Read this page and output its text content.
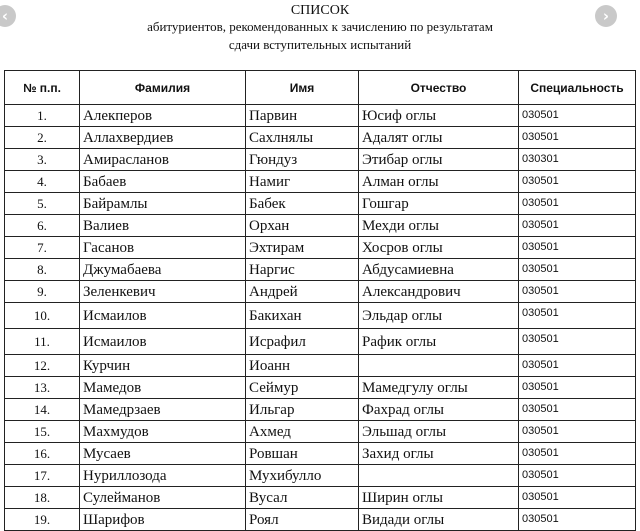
СПИСОК
абитуриентов, рекомендованных к зачислению по результатам
сдачи вступительных испытаний
‹	›
№ п.п.	Фамилия	Имя	Отчество	Специальность
1.	Алекперов	Парвин	Юсиф оглы	030501
2.	Аллахвердиев	Сахлнялы	Адалят оглы	030501
3.	Амирасланов	Гюндуз	Этибар оглы	030301
4.	Бабаев	Намиг	Алман оглы	030501
5.	Байрамлы	Бабек	Гошгар	030501
6.	Валиев	Орхан	Мехди оглы	030501
7.	Гасанов	Эхтирам	Хосров оглы	030501
8.	Джумабаева	Наргис	Абдусамиевна	030501
9.	Зеленкевич	Андрей	Александрович	030501
10.	Исмаилов	Бакихан	Эльдар оглы	030501
11.	Исмаилов	Исрафил	Рафик оглы	030501
12.	Курчин	Иоанн		030501
13.	Мамедов	Сеймур	Мамедгулу оглы	030501
14.	Мамедрзаев	Ильгар	Фахрад оглы	030501
15.	Махмудов	Ахмед	Эльшад оглы	030501
16.	Мусаев	Ровшан	Захид оглы	030501
17.	Нуриллозода	Мухибулло		030501
18.	Сулейманов	Вусал	Ширин оглы	030501
19.	Шарифов	Роял	Видади оглы	030501
